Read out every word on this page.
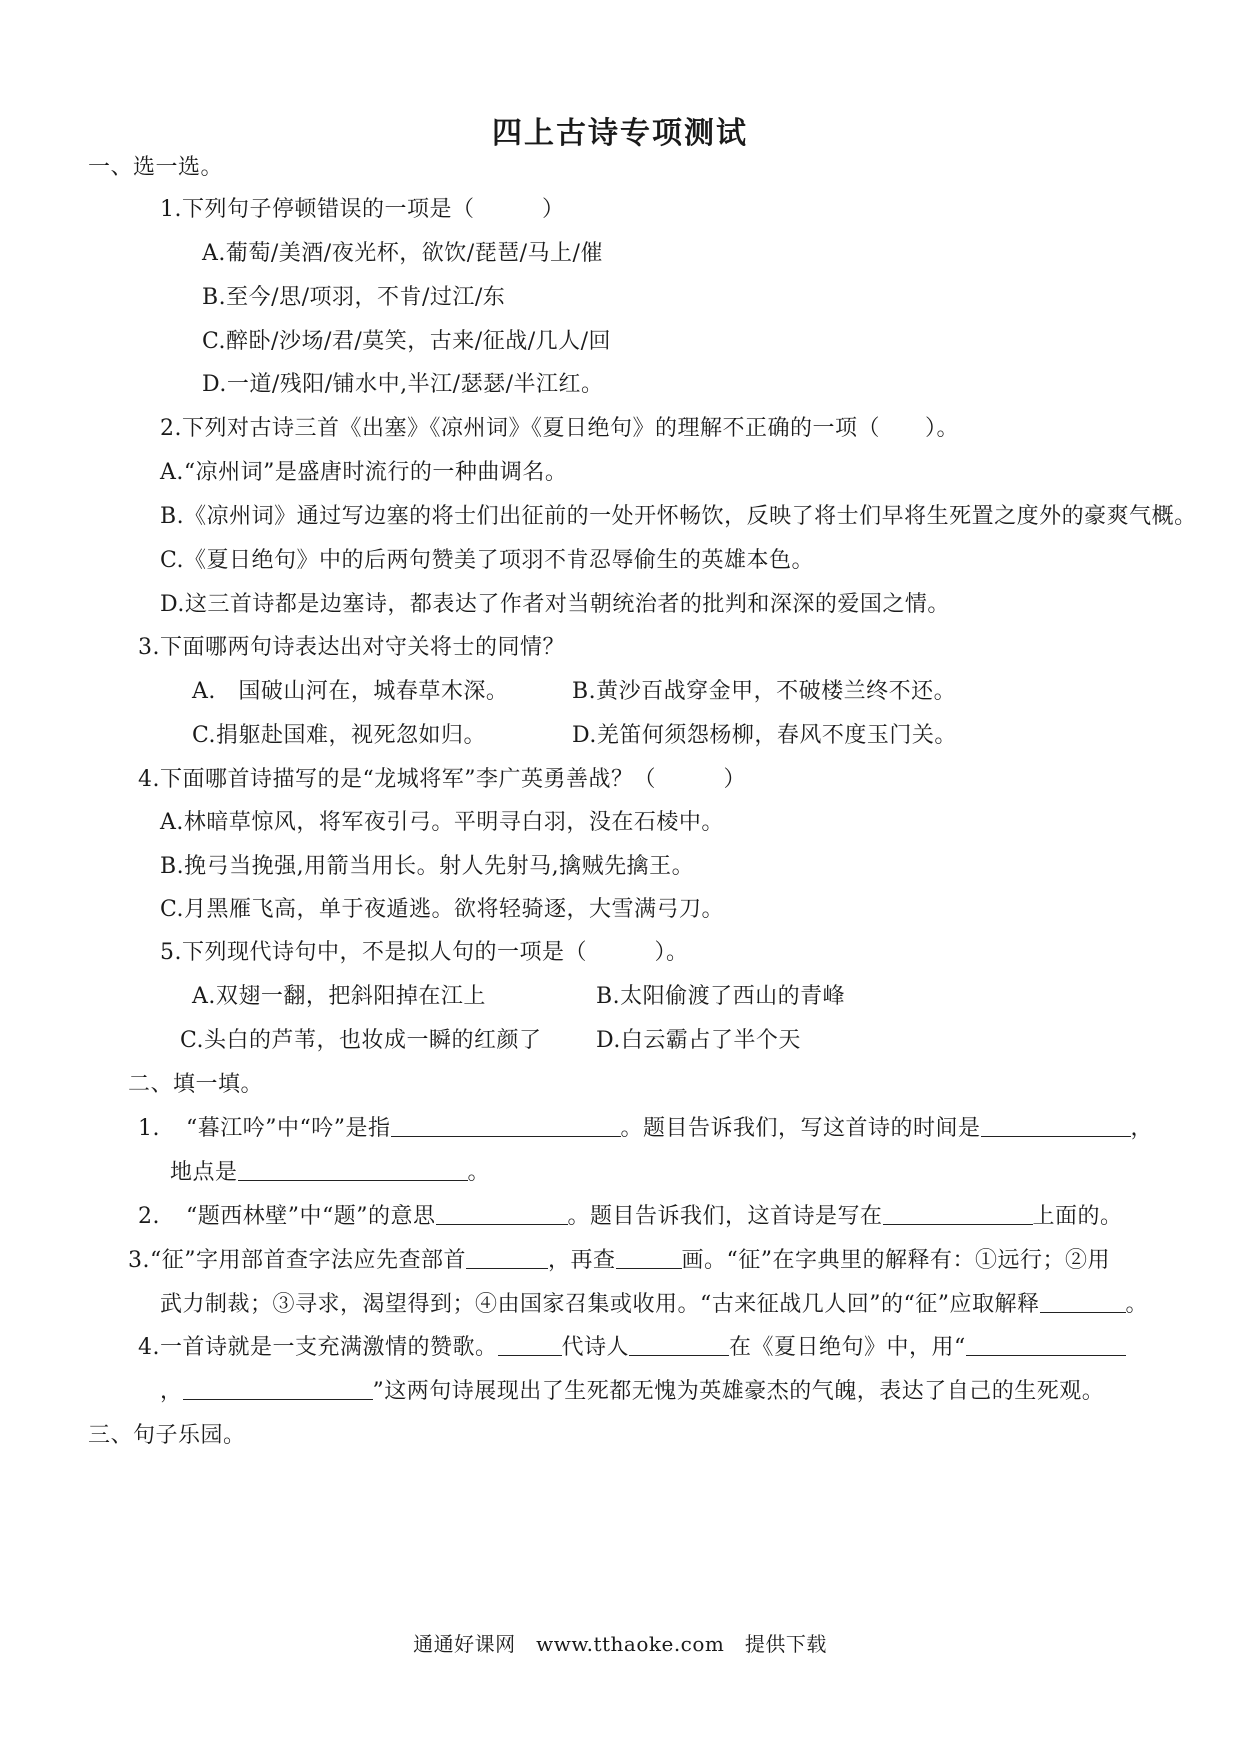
四上古诗专项测试
一、选一选。
1.下列句子停顿错误的一项是（　　　）
A.葡萄/美酒/夜光杯，欲饮/琵琶/马上/催
B.至今/思/项羽，不肯/过江/东
C.醉卧/沙场/君/莫笑，古来/征战/几人/回
D.一道/残阳/铺水中,半江/瑟瑟/半江红。
2.下列对古诗三首《出塞》《凉州词》《夏日绝句》的理解不正确的一项（　　）。
A.“凉州词”是盛唐时流行的一种曲调名。
B.《凉州词》通过写边塞的将士们出征前的一处开怀畅饮，反映了将士们早将生死置之度外的豪爽气概。
C.《夏日绝句》中的后两句赞美了项羽不肯忍辱偷生的英雄本色。
D.这三首诗都是边塞诗，都表达了作者对当朝统治者的批判和深深的爱国之情。
3.下面哪两句诗表达出对守关将士的同情？
A.　国破山河在，城春草木深。	B.黄沙百战穿金甲，不破楼兰终不还。
C.捐躯赴国难，视死忽如归。	D.羌笛何须怨杨柳，春风不度玉门关。
4.下面哪首诗描写的是“龙城将军”李广英勇善战？（　　　）
A.林暗草惊风，将军夜引弓。平明寻白羽，没在石棱中。
B.挽弓当挽强,用箭当用长。射人先射马,擒贼先擒王。
C.月黑雁飞高，单于夜遁逃。欲将轻骑逐，大雪满弓刀。
5.下列现代诗句中，不是拟人句的一项是（　　　）。
A.双翅一翻，把斜阳掉在江上	B.太阳偷渡了西山的青峰
C.头白的芦苇，也妆成一瞬的红颜了 D.白云霸占了半个天
二、填一填。
1. “暮江吟”中“吟”是指	。题目告诉我们，写这首诗的时间是	，
地点是	。
2. “题西林壁”中“题”的意思	。题目告诉我们，这首诗是写在	上面的。
3.“征”字用部首查字法应先查部首	，再查	画。“征”在字典里的解释有：①远行；②用
武力制裁；③寻求，渴望得到；④由国家召集或收用。“古来征战几人回”的“征”应取解释	。
4.一首诗就是一支充满激情的赞歌。	代诗人	在《夏日绝句》中，用“
，	”这两句诗展现出了生死都无愧为英雄豪杰的气魄，表达了自己的生死观。
三、句子乐园。
通通好课网　www.tthaoke.com　提供下载
